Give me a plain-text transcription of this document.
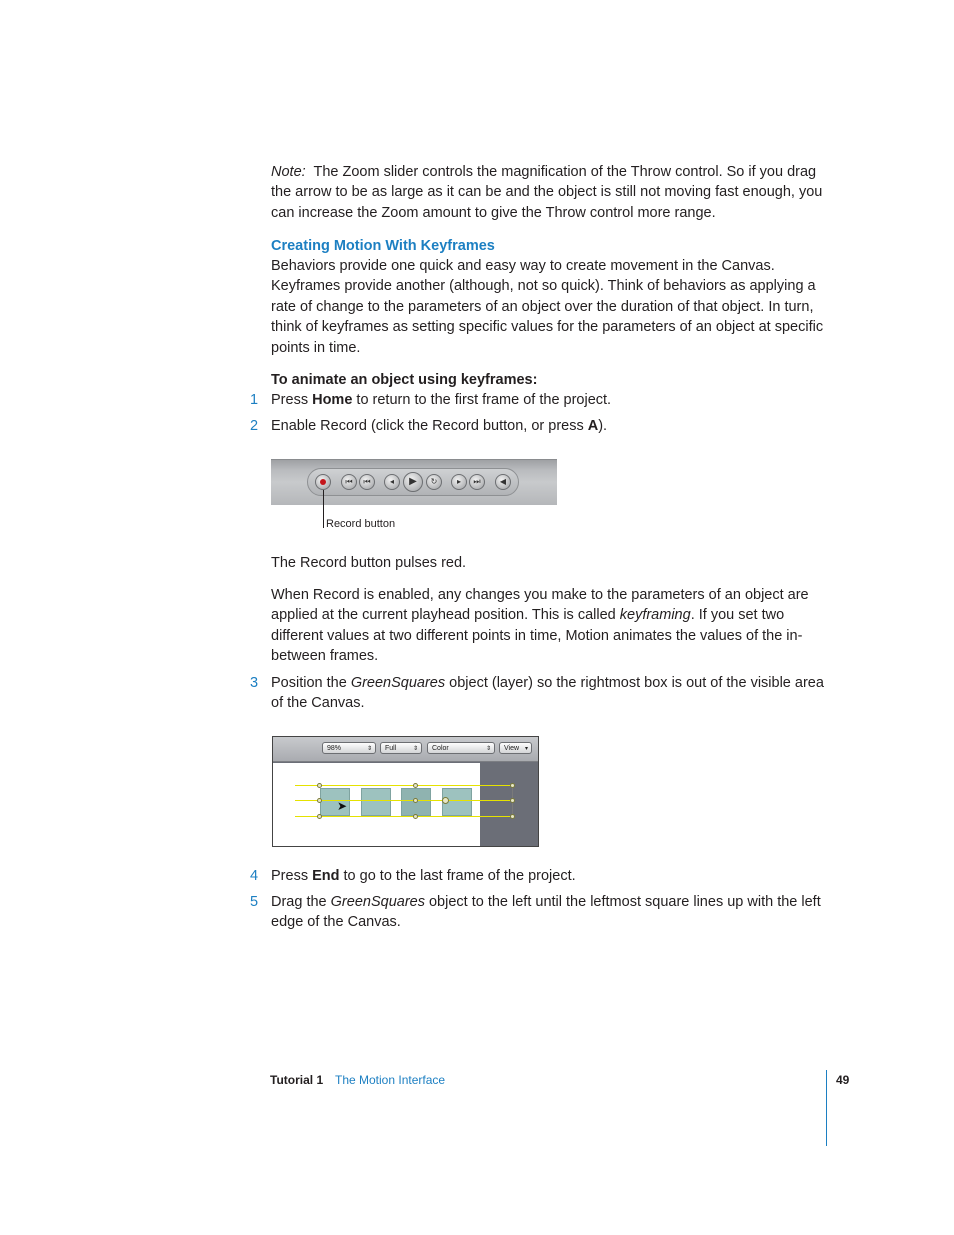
Note: The Zoom slider controls the magnification of the Throw control. So if you drag
the arrow to be as large as it can be and the object is still not moving fast enough, you
can increase the Zoom amount to give the Throw control more range.

Creating Motion With Keyframes

Behaviors provide one quick and easy way to create movement in the Canvas.
Keyframes provide another (although, not so quick). Think of behaviors as applying a
rate of change to the parameters of an object over the duration of that object. In turn,
think of keyframes as setting specific values for the parameters of an object at specific
points in time.

To animate an object using keyframes:

1 Press Home to return to the first frame of the project.

2 Enable Record (click the Record button, or press A).

⏮	⏮	◂	▶	↻	▸	⏭	◀
Record button

The Record button pulses red.

When Record is enabled, any changes you make to the parameters of an object are
applied at the current playhead position. This is called keyframing. If you set two
different values at two different points in time, Motion animates the values of the in-
between frames.

3 Position the GreenSquares object (layer) so the rightmost box is out of the visible area
of the Canvas.

98%	⇕	Full	⇕	Color	⇕	View ▾
➤
4 Press End to go to the last frame of the project.

5 Drag the GreenSquares object to the left until the leftmost square lines up with the left
edge of the Canvas.

Tutorial 1 The Motion Interface	49
